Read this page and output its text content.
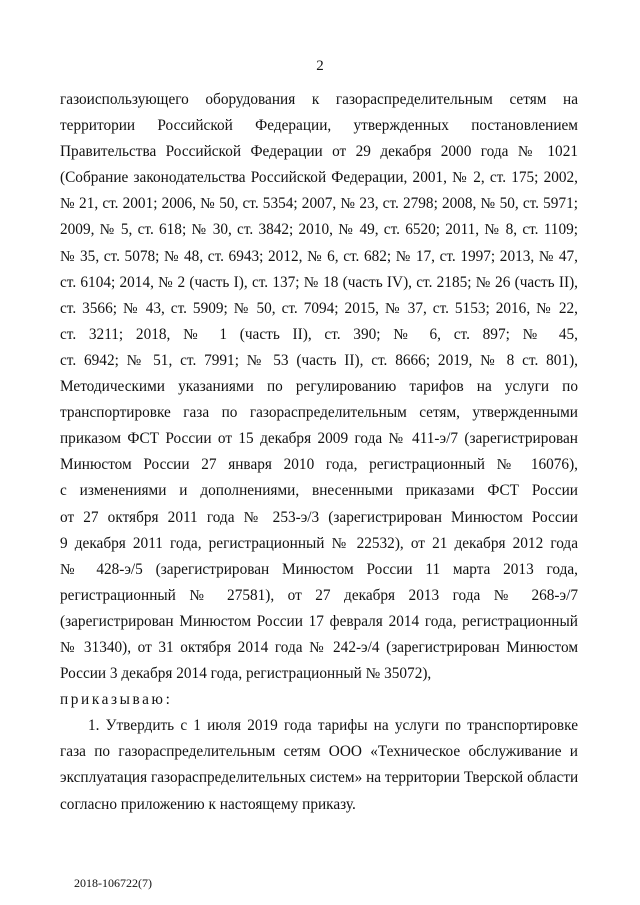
2
газоиспользующего оборудования к газораспределительным сетям на
территории Российской Федерации, утвержденных постановлением
Правительства Российской Федерации от 29 декабря 2000 года № 1021
(Собрание законодательства Российской Федерации, 2001, № 2, ст. 175; 2002,
№ 21, ст. 2001; 2006, № 50, ст. 5354; 2007, № 23, ст. 2798; 2008, № 50, ст. 5971;
2009, № 5, ст. 618; № 30, ст. 3842; 2010, № 49, ст. 6520; 2011, № 8, ст. 1109;
№ 35, ст. 5078; № 48, ст. 6943; 2012, № 6, ст. 682; № 17, ст. 1997; 2013, № 47,
ст. 6104; 2014, № 2 (часть I), ст. 137; № 18 (часть IV), ст. 2185; № 26 (часть II),
ст. 3566; № 43, ст. 5909; № 50, ст. 7094; 2015, № 37, ст. 5153; 2016, № 22,
ст. 3211; 2018, № 1 (часть II), ст. 390; № 6, ст. 897; № 45,
ст. 6942; № 51, ст. 7991; № 53 (часть II), ст. 8666; 2019, № 8 ст. 801),
Методическими указаниями по регулированию тарифов на услуги по
транспортировке газа по газораспределительным сетям, утвержденными
приказом ФСТ России от 15 декабря 2009 года № 411-э/7 (зарегистрирован
Минюстом России 27 января 2010 года, регистрационный № 16076),
с изменениями и дополнениями, внесенными приказами ФСТ России
от 27 октября 2011 года № 253-э/3 (зарегистрирован Минюстом России
9 декабря 2011 года, регистрационный № 22532), от 21 декабря 2012 года
№ 428-э/5 (зарегистрирован Минюстом России 11 марта 2013 года,
регистрационный № 27581), от 27 декабря 2013 года № 268-э/7
(зарегистрирован Минюстом России 17 февраля 2014 года, регистрационный
№ 31340), от 31 октября 2014 года № 242-э/4 (зарегистрирован Минюстом
России 3 декабря 2014 года, регистрационный № 35072),
приказываю:
1. Утвердить с 1 июля 2019 года тарифы на услуги по транспортировке
газа по газораспределительным сетям ООО «Техническое обслуживание и
эксплуатация газораспределительных систем» на территории Тверской области
согласно приложению к настоящему приказу.
2018-106722(7)
